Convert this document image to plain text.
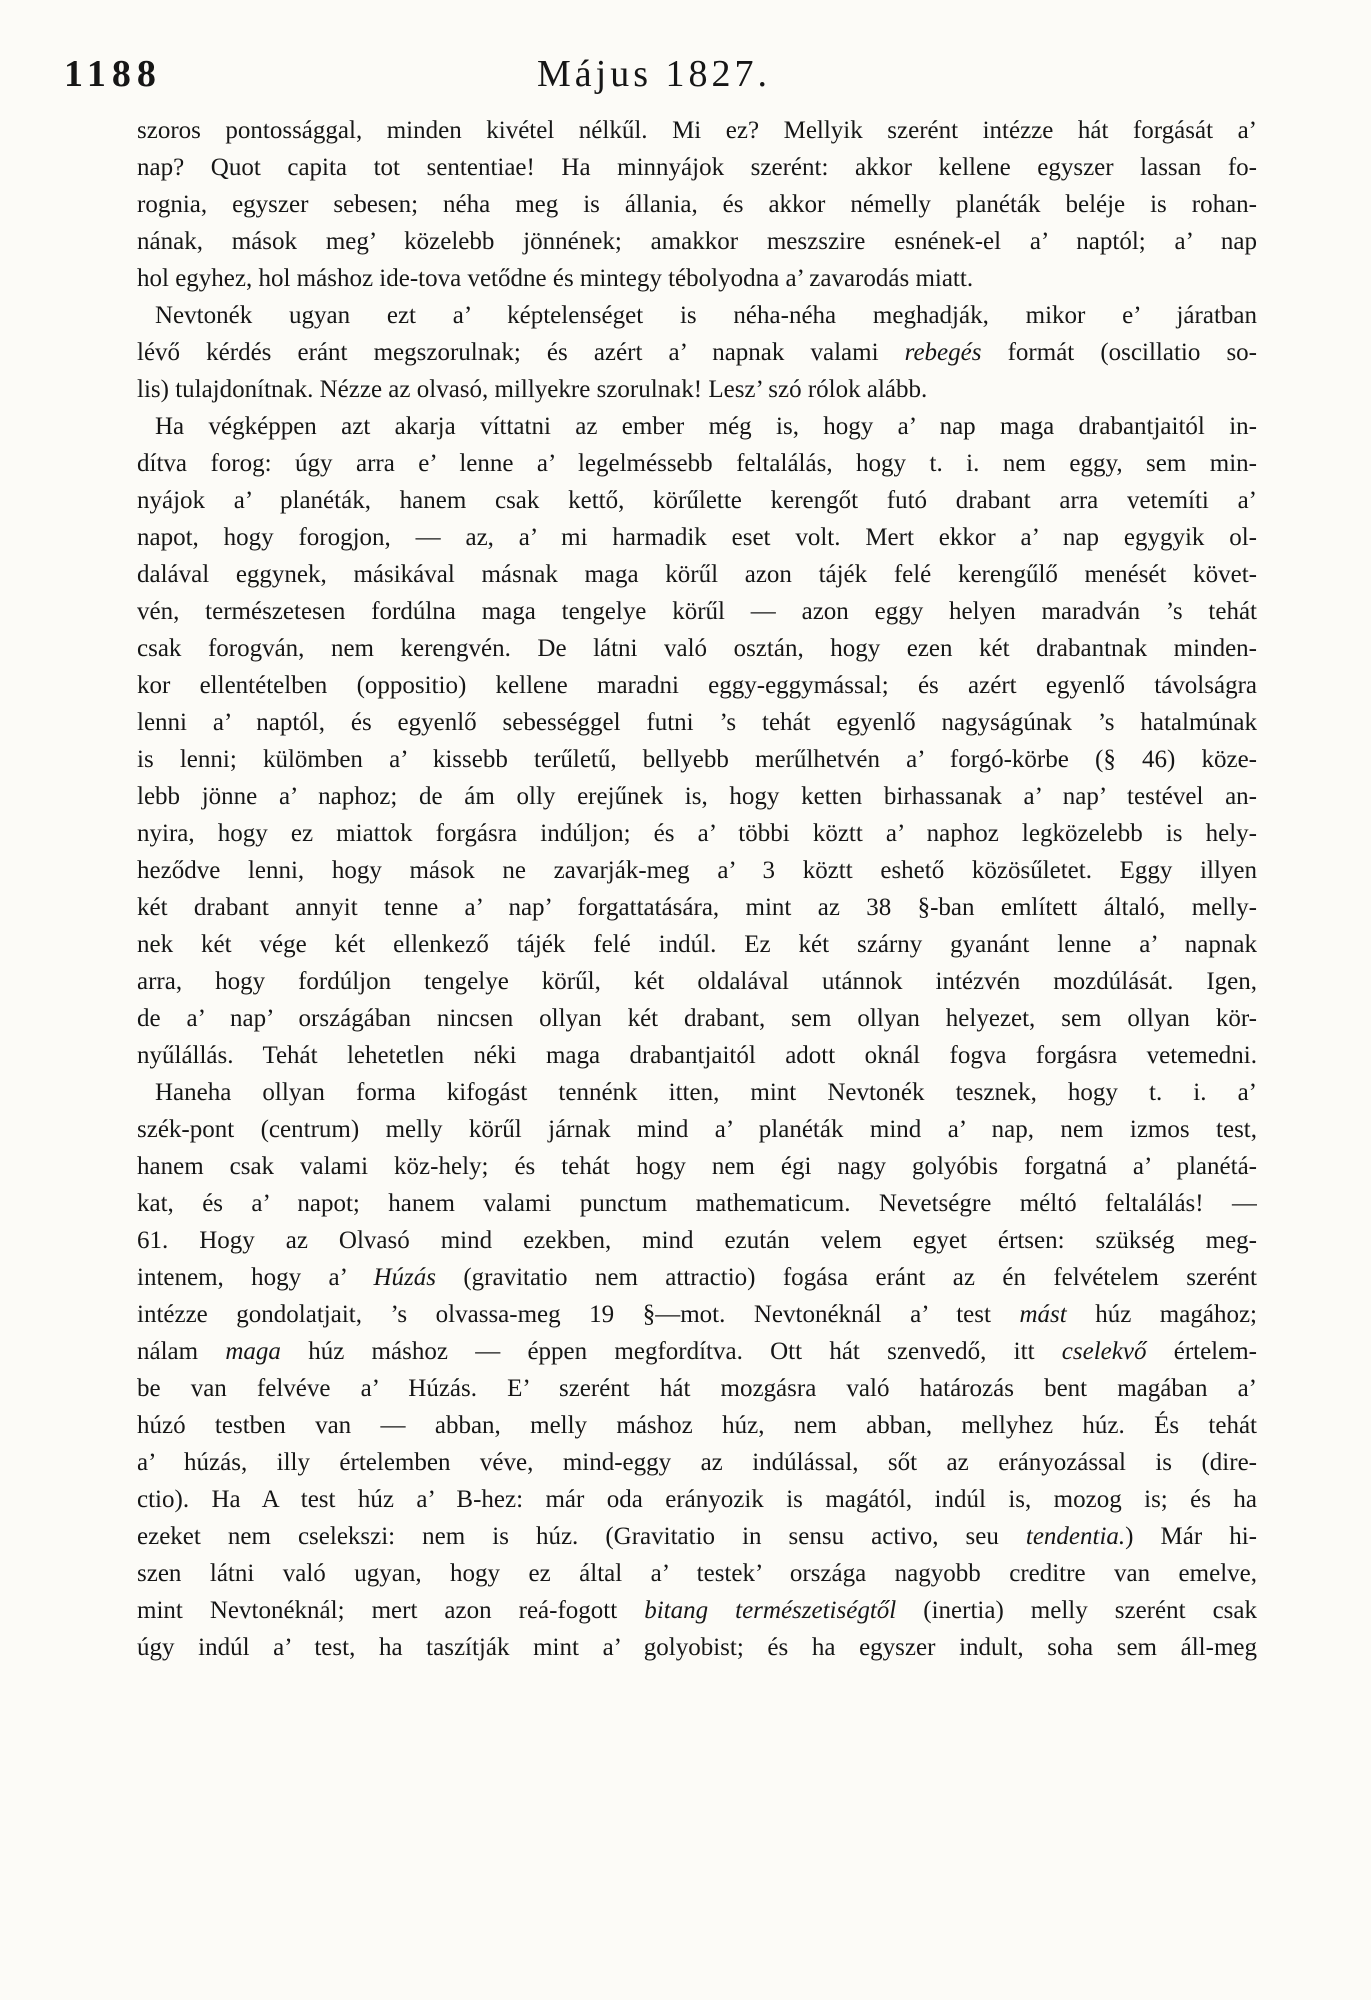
1188	Május 1827.
szoros pontossággal, minden kivétel nélkűl. Mi ez? Mellyik szerént intézze hát forgását a’
nap? Quot capita tot sententiae! Ha minnyájok szerént: akkor kellene egyszer lassan fo-
rognia, egyszer sebesen; néha meg is állania, és akkor némelly planéták beléje is rohan-
nának, mások meg’ közelebb jönnének; amakkor meszszire esnének-el a’ naptól; a’ nap
hol egyhez, hol máshoz ide-tova vetődne és mintegy tébolyodna a’ zavarodás miatt.
Nevtonék ugyan ezt a’ képtelenséget is néha-néha meghadják, mikor e’ járatban
lévő kérdés eránt megszorulnak; és azért a’ napnak valami rebegés formát (oscillatio so-
lis) tulajdonítnak. Nézze az olvasó, millyekre szorulnak! Lesz’ szó rólok alább.
Ha végképpen azt akarja víttatni az ember még is, hogy a’ nap maga drabantjaitól in-
dítva forog: úgy arra e’ lenne a’ legelméssebb feltalálás, hogy t. i. nem eggy, sem min-
nyájok a’ planéták, hanem csak kettő, körűlette kerengőt futó drabant arra vetemíti a’
napot, hogy forogjon, — az, a’ mi harmadik eset volt. Mert ekkor a’ nap egygyik ol-
dalával eggynek, másikával másnak maga körűl azon tájék felé kerengűlő menését követ-
vén, természetesen fordúlna maga tengelye körűl — azon eggy helyen maradván ’s tehát
csak forogván, nem kerengvén. De látni való osztán, hogy ezen két drabantnak minden-
kor ellentételben (oppositio) kellene maradni eggy-eggymással; és azért egyenlő távolságra
lenni a’ naptól, és egyenlő sebességgel futni ’s tehát egyenlő nagyságúnak ’s hatalmúnak
is lenni; külömben a’ kissebb terűletű, bellyebb merűlhetvén a’ forgó-körbe (§ 46) köze-
lebb jönne a’ naphoz; de ám olly erejűnek is, hogy ketten birhassanak a’ nap’ testével an-
nyira, hogy ez miattok forgásra indúljon; és a’ többi köztt a’ naphoz legközelebb is hely-
heződve lenni, hogy mások ne zavarják-meg a’ 3 köztt eshető közösűletet. Eggy illyen
két drabant annyit tenne a’ nap’ forgattatására, mint az 38 §-ban említett általó, melly-
nek két vége két ellenkező tájék felé indúl. Ez két szárny gyanánt lenne a’ napnak
arra, hogy fordúljon tengelye körűl, két oldalával utánnok intézvén mozdúlását. Igen,
de a’ nap’ országában nincsen ollyan két drabant, sem ollyan helyezet, sem ollyan kör-
nyűlállás. Tehát lehetetlen néki maga drabantjaitól adott oknál fogva forgásra vetemedni.
Haneha ollyan forma kifogást tennénk itten, mint Nevtonék tesznek, hogy t. i. a’
szék-pont (centrum) melly körűl járnak mind a’ planéták mind a’ nap, nem izmos test,
hanem csak valami köz-hely; és tehát hogy nem égi nagy golyóbis forgatná a’ planétá-
kat, és a’ napot; hanem valami punctum mathematicum. Nevetségre méltó feltalálás! —
61. Hogy az Olvasó mind ezekben, mind ezután velem egyet értsen: szükség meg-
intenem, hogy a’ Húzás (gravitatio nem attractio) fogása eránt az én felvételem szerént
intézze gondolatjait, ’s olvassa-meg 19 §—mot. Nevtonéknál a’ test mást húz magához;
nálam maga húz máshoz — éppen megfordítva. Ott hát szenvedő, itt cselekvő értelem-
be van felvéve a’ Húzás. E’ szerént hát mozgásra való határozás bent magában a’
húzó testben van — abban, melly máshoz húz, nem abban, mellyhez húz. És tehát
a’ húzás, illy értelemben véve, mind-eggy az indúlással, sőt az erányozással is (dire-
ctio). Ha A test húz a’ B-hez: már oda erányozik is magától, indúl is, mozog is; és ha
ezeket nem cselekszi: nem is húz. (Gravitatio in sensu activo, seu tendentia.) Már hi-
szen látni való ugyan, hogy ez által a’ testek’ országa nagyobb creditre van emelve,
mint Nevtonéknál; mert azon reá-fogott bitang természetiségtől (inertia) melly szerént csak
úgy indúl a’ test, ha taszítják mint a’ golyobist; és ha egyszer indult, soha sem áll-meg
